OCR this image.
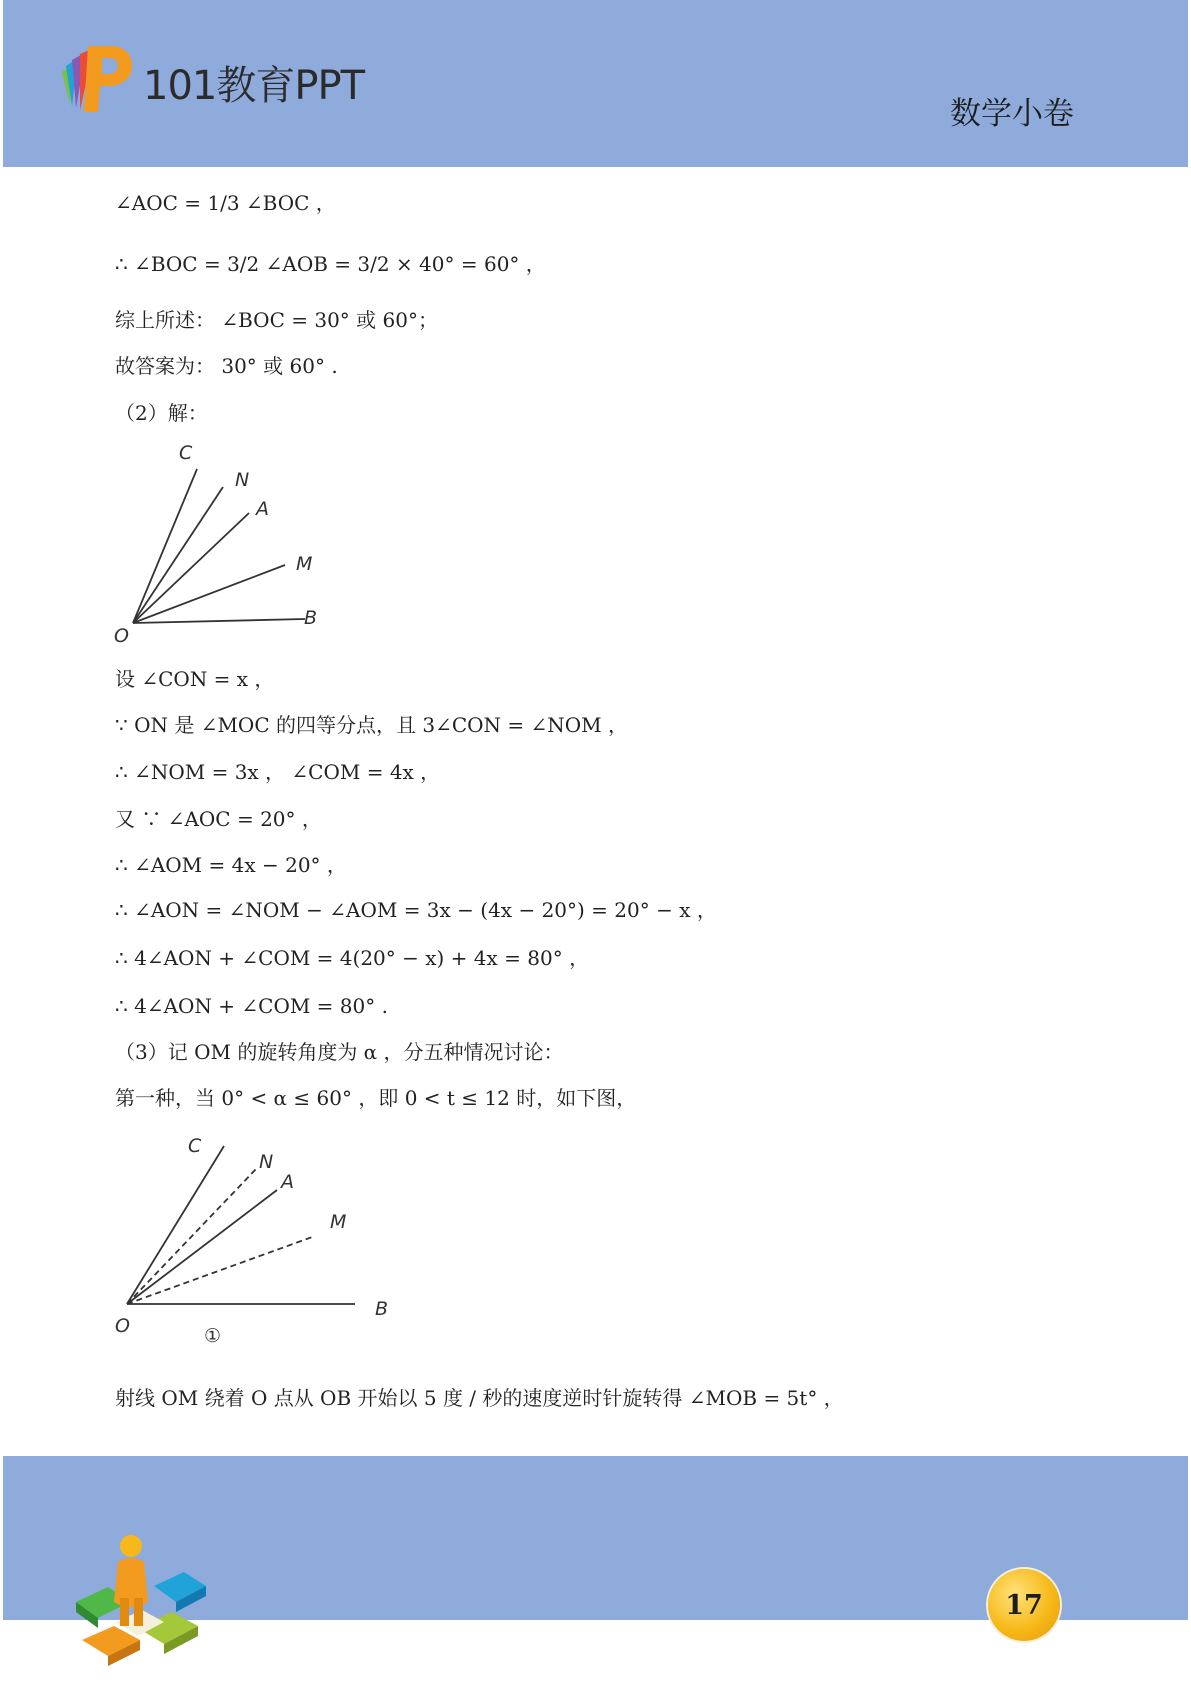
101教育PPT
数学小卷
∠AOC = 1/3 ∠BOC ，
∴ ∠BOC = 3/2 ∠AOB = 3/2 × 40° = 60° ，
综上所述： ∠BOC = 30° 或 60°；
故答案为： 30° 或 60° .
（2）解：
C
N
A
M
B
O
设 ∠CON = x ，
∵ ON 是 ∠MOC 的四等分点，且 3∠CON = ∠NOM ，
∴ ∠NOM = 3x ， ∠COM = 4x ，
又 ∵ ∠AOC = 20° ，
∴ ∠AOM = 4x − 20° ，
∴ ∠AON = ∠NOM − ∠AOM = 3x − (4x − 20°) = 20° − x ，
∴ 4∠AON + ∠COM = 4(20° − x) + 4x = 80° ，
∴ 4∠AON + ∠COM = 80° .
（3）记 OM 的旋转角度为 α ，分五种情况讨论：
第一种，当 0° < α ≤ 60° ，即 0 < t ≤ 12 时，如下图，
C
N
A
M
B
O	①
射线 OM 绕着 O 点从 OB 开始以 5 度 / 秒的速度逆时针旋转得 ∠MOB = 5t° ，
17
